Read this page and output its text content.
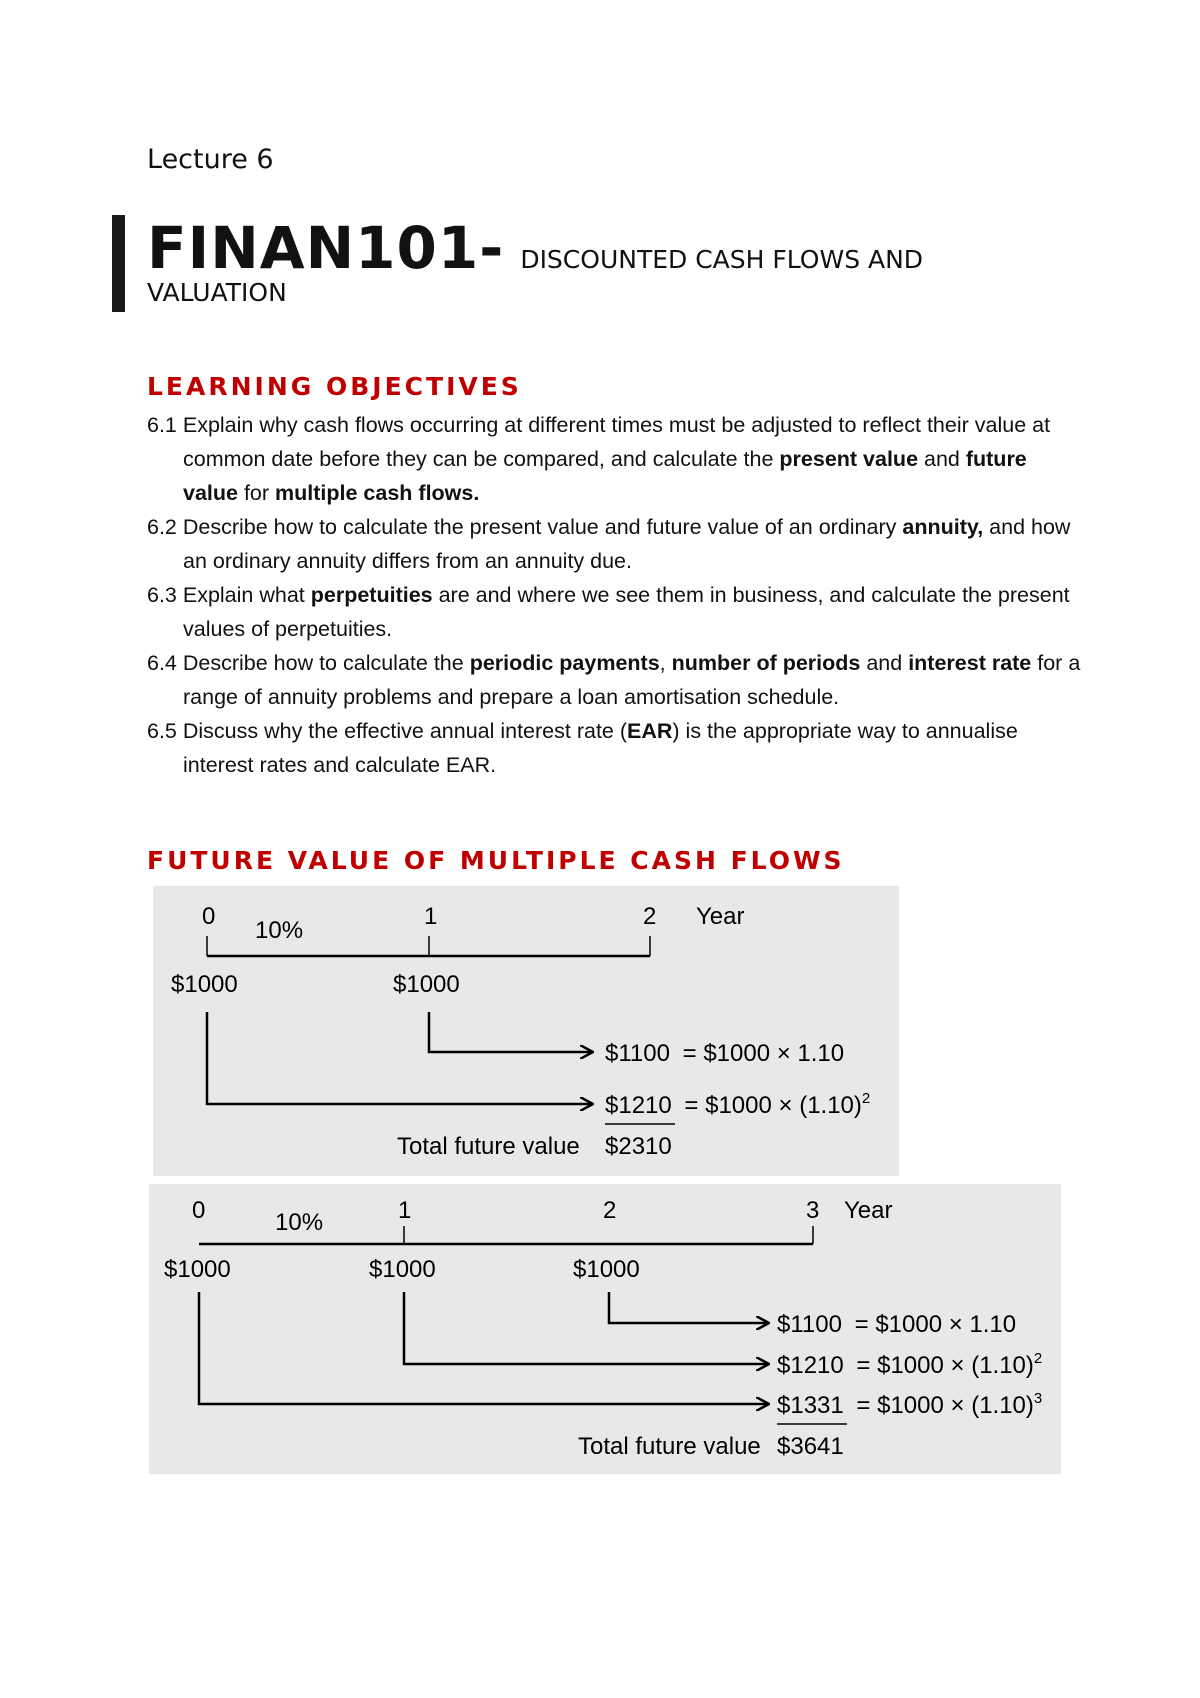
Lecture 6
FINAN101- DISCOUNTED CASH FLOWS AND
VALUATION
LEARNING OBJECTIVES

6.1 Explain why cash flows occurring at different times must be adjusted to reflect their value at common date before they can be compared, and calculate the present value and future value for multiple cash flows.

6.2 Describe how to calculate the present value and future value of an ordinary annuity, and how an ordinary annuity differs from an annuity due.

6.3 Explain what perpetuities are and where we see them in business, and calculate the present values of perpetuities.

6.4 Describe how to calculate the periodic payments, number of periods and interest rate for a range of annuity problems and prepare a loan amortisation schedule.

6.5 Discuss why the effective annual interest rate (EAR) is the appropriate way to annualise interest rates and calculate EAR.

FUTURE VALUE OF MULTIPLE CASH FLOWS
0	1	2 Year
10%
$1000	$1000
$1100 = $1000 × 1.10
$1210 = $1000 × $(1.10)^2$
Total future value $2310
0	1	2	3 Year
10%
$1000	$1000	$1000
$1100 = $1000 × 1.10
$1210 = $1000 × $(1.10)^2$
$1331 = $1000 × $(1.10)^3$
Total future value $3641
